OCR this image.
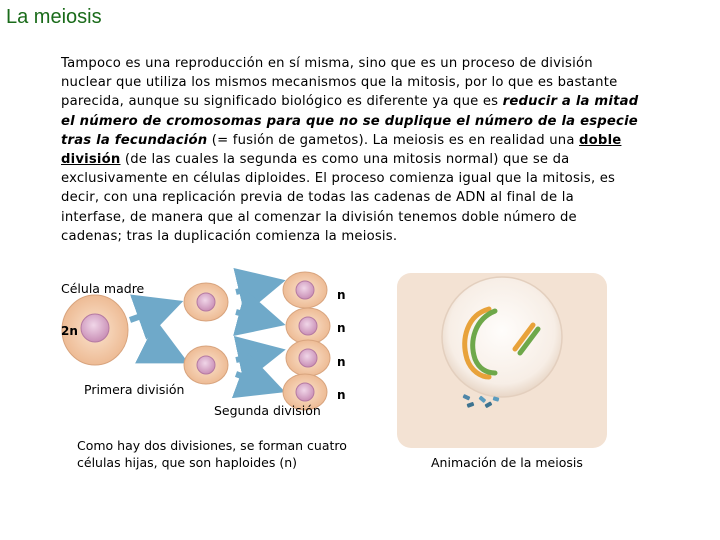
La meiosis
Tampoco es una reproducción en sí misma, sino que es un proceso de división nuclear que utiliza los mismos mecanismos que la mitosis, por lo que es bastante parecida, aunque su significado biológico es diferente ya que es reducir a la mitad el número de cromosomas para que no se duplique el número de la especie tras la fecundación (= fusión de gametos). La meiosis es en realidad una doble división (de las cuales la segunda es como una mitosis normal) que se da exclusivamente en células diploides. El proceso comienza igual que la mitosis, es decir, con una replicación previa de todas las cadenas de ADN al final de la interfase, de manera que al comenzar la división tenemos doble número de cadenas; tras la duplicación comienza la meiosis.
Célula madre
2n
n
n
n
n
Primera división
Segunda división
Como hay dos divisiones, se forman cuatro células hijas, que son haploides (n)	Animación de la meiosis
